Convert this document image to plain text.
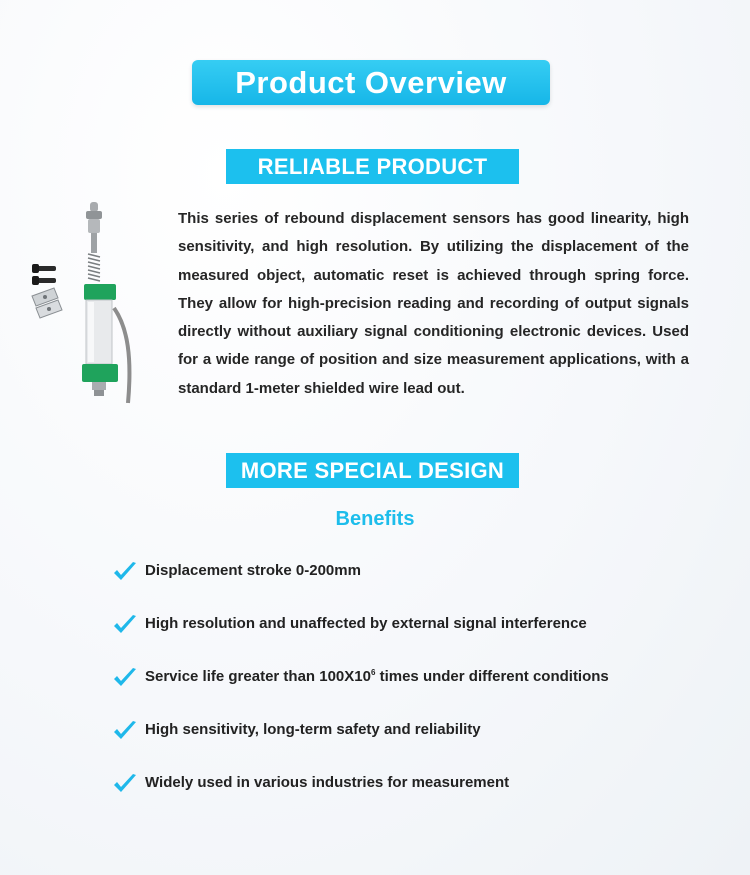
Product Overview
RELIABLE PRODUCT

This series of rebound displacement sensors has good linearity, high sensitivity, and high resolution. By utilizing the displacement of the measured object, automatic reset is achieved through spring force. They allow for high-precision reading and recording of output signals directly without auxiliary signal conditioning electronic devices. Used for a wide range of position and size measurement applications, with a standard 1-meter shielded wire lead out.

MORE SPECIAL DESIGN
Benefits
Displacement stroke 0-200mm
High resolution and unaffected by external signal interference
Service life greater than $100X10^6$ times under different conditions
High sensitivity, long-term safety and reliability
Widely used in various industries for measurement
